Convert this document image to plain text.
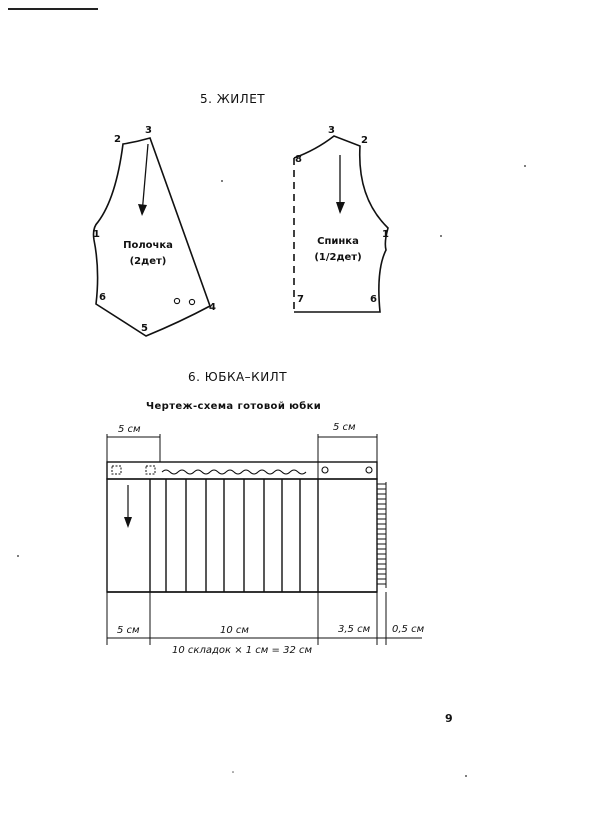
5. ЖИЛЕТ
1
2
3
4
5
6
Полочка
(2дет)
1
2
3
6
7
8
Спинка
(1/2дет)
6. ЮБКА–КИЛТ
Чертеж-схема готовой юбки
5 см	5 см
5 см	10 см	3,5 см 0,5 см
10 складок × 1 см = 32 см
9
